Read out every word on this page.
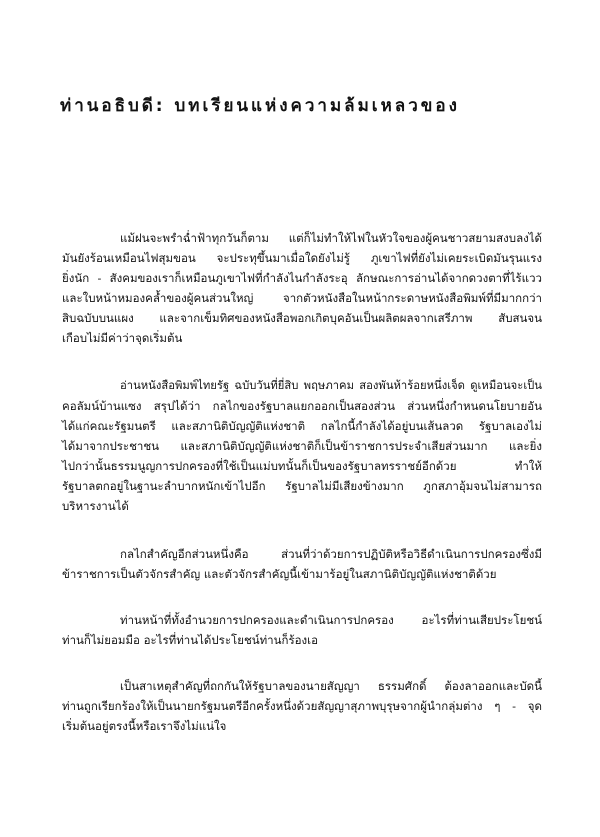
ท่านอธิบดี: บทเรียนแห่งความล้มเหลวของ
แม้ฝนจะพรำฉ่ำฟ้าทุกวันก็ตาม แต่ก็ไม่ทำให้ไฟในหัวใจของผู้คนชาวสยามสงบลงได้
มันยังร้อนเหมือนไฟสุมขอน จะประทุขึ้นมาเมื่อใดยังไม่รู้ ภูเขาไฟที่ยังไม่เคยระเบิดมันรุนแรง
ยิ่งนัก - สังคมของเราก็เหมือนภูเขาไฟที่กำลังไนกำลังระอุ ลักษณะการอ่านได้จากดวงตาที่ไร้แวว
และใบหน้าหมองคล้ำของผู้คนส่วนใหญ่ จากตัวหนังสือในหน้ากระดาษหนังสือพิมพ์ที่มีมากกว่า
สิบฉบับบนแผง และจากเข็มทิศของหนังสือพอกเกิตบุคอันเป็นผลิตผลจากเสรีภาพ สับสนจน
เกือบไม่มีค่าว่าจุดเริ่มต้น
อ่านหนังสือพิมพ์ไทยรัฐ ฉบับวันที่ยี่สิบ พฤษภาคม สองพันห้าร้อยหนึ่งเจ็ด ดูเหมือนจะเป็น
คอลัมน์บ้านแซง สรุปได้ว่า กลไกของรัฐบาลแยกออกเป็นสองส่วน ส่วนหนึ่งกำหนดนโยบายอัน
ได้แก่คณะรัฐมนตรี และสภานิติบัญญัติแห่งชาติ กลไกนี้กำลังได้อยู่บนเส้นลวด รัฐบาลเองไม่
ได้มาจากประชาชน และสภานิติบัญญัติแห่งชาติก็เป็นข้าราชการประจำเสียส่วนมาก และยิ่ง
ไปกว่านั้นธรรมนูญการปกครองที่ใช้เป็นแม่บทนั้นก็เป็นของรัฐบาลทรราชย์อีกด้วย ทำให้
รัฐบาลตกอยู่ในฐานะลำบากหนักเข้าไปอีก รัฐบาลไม่มีเสียงข้างมาก ภูกสภาอุ้มจนไม่สามารถ
บริหารงานได้
กลไกสำคัญอีกส่วนหนึ่งคือ ส่วนที่ว่าด้วยการปฏิบัติหรือวิธีดำเนินการปกครองซึ่งมี
ข้าราชการเป็นตัวจักรสำคัญ และตัวจักรสำคัญนี้เข้ามาร้อยู่ในสภานิติบัญญัติแห่งชาติด้วย
ท่านหน้าที่ทั้งอำนวยการปกครองและดำเนินการปกครอง อะไรที่ท่านเสียประโยชน์
ท่านก็ไม่ยอมมือ อะไรที่ท่านได้ประโยชน์ท่านก็ร้องเอ
เป็นสาเหตุสำคัญที่ถกกันให้รัฐบาลของนายสัญญา ธรรมศักดิ์ ต้องลาออกและบัดนี้
ท่านถูกเรียกร้องให้เป็นนายกรัฐมนตรีอีกครั้งหนึ่งด้วยสัญญาสุภาพบุรุษจากผู้นำกลุ่มต่าง ๆ - จุด
เริ่มต้นอยู่ตรงนี้หรือเราจึงไม่แน่ใจ
